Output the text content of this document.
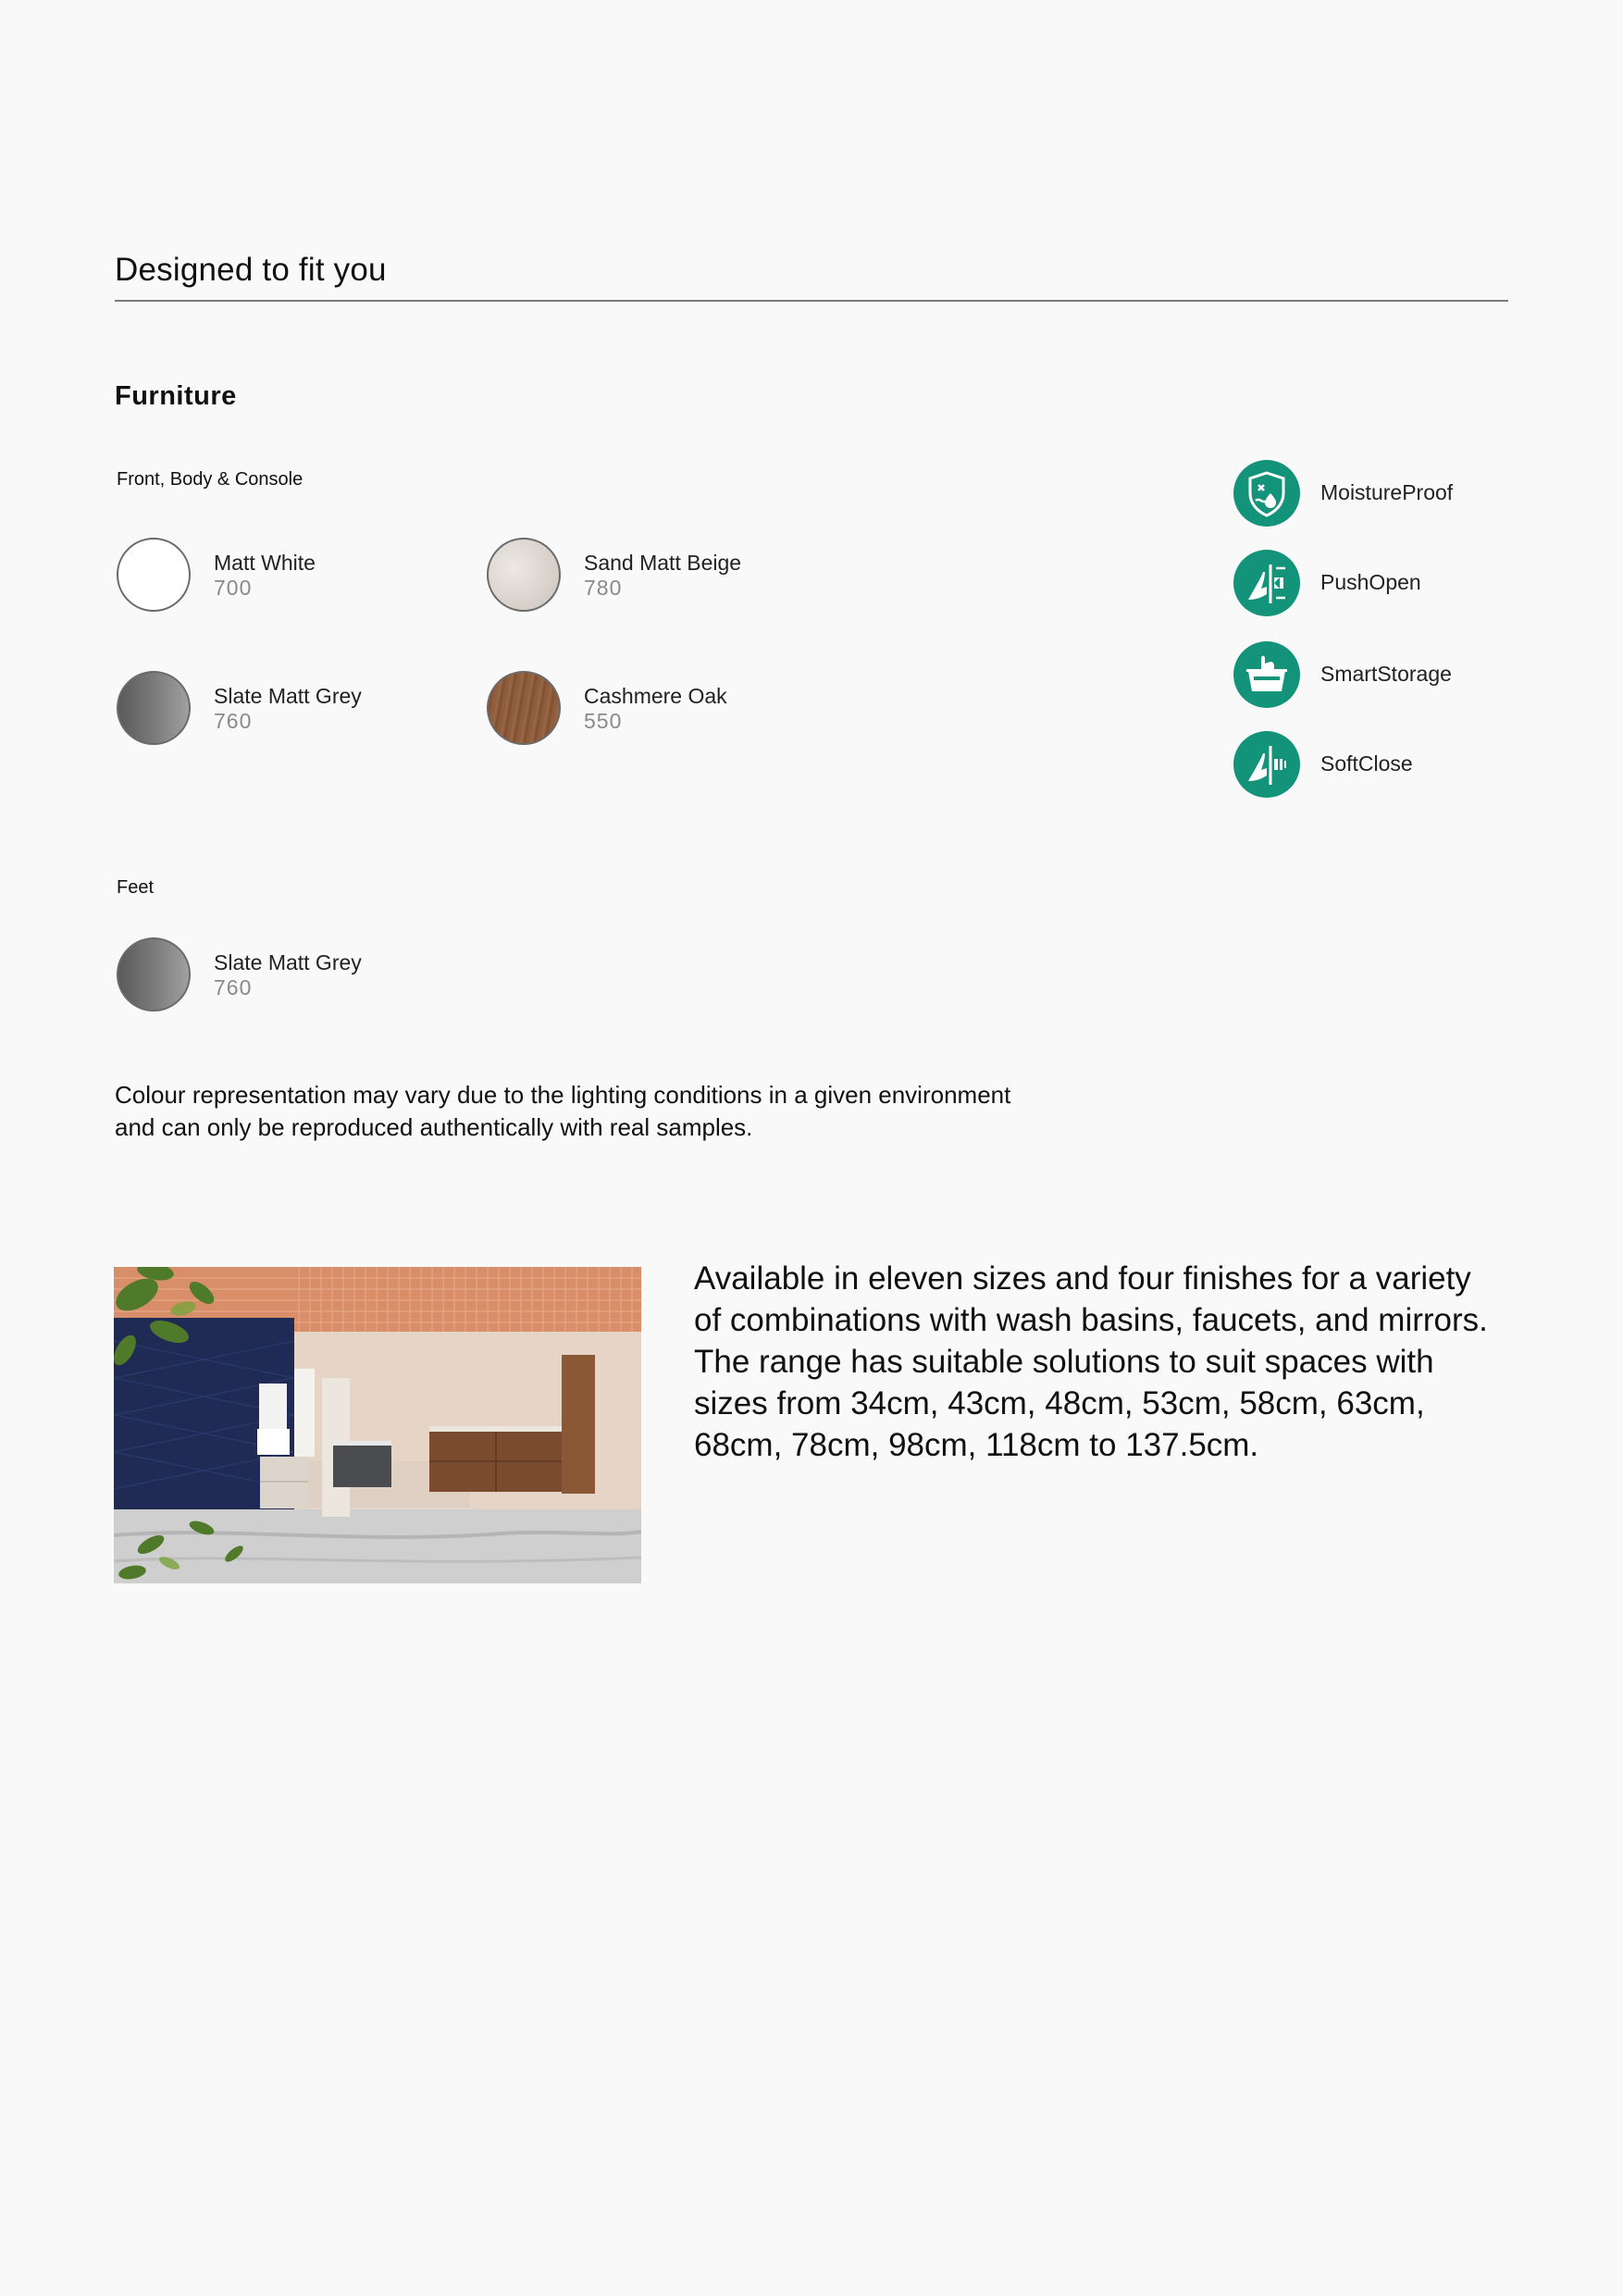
Designed to fit you
Furniture
Front, Body & Console
Matt White
700
Sand Matt Beige
780
Slate Matt Grey
760
Cashmere Oak
550
Feet
Slate Matt Grey
760
MoistureProof
PushOpen
SmartStorage
SoftClose
Colour representation may vary due to the lighting conditions in a given environment
and can only be reproduced authentically with real samples.
Available in eleven sizes and four finishes for a variety of combinations with wash basins, faucets, and mirrors. The range has suitable solutions to suit spaces with sizes from 34cm, 43cm, 48cm, 53cm, 58cm, 63cm, 68cm, 78cm, 98cm, 118cm to 137.5cm.
